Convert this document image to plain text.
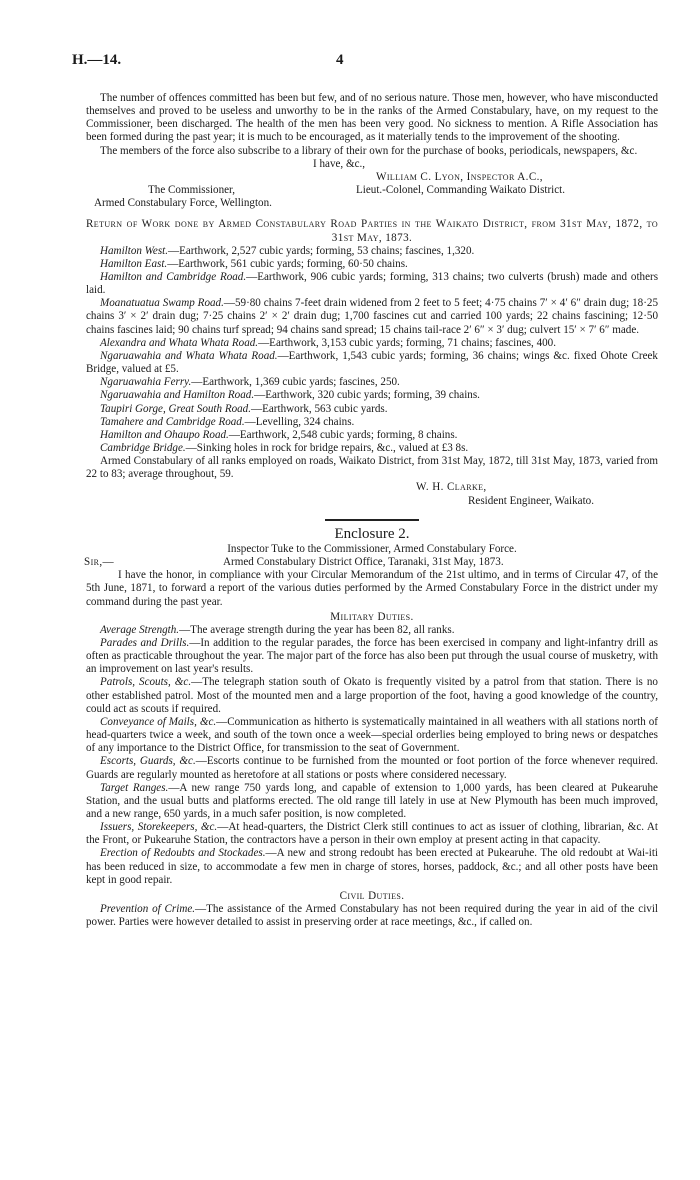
H.—14.	4

The number of offences committed has been but few, and of no serious nature. Those men, however, who have misconducted themselves and proved to be useless and unworthy to be in the ranks of the Armed Constabulary, have, on my request to the Commissioner, been discharged. The health of the men has been very good. No sickness to mention. A Rifle Association has been formed during the past year; it is much to be encouraged, as it materially tends to the improvement of the shooting.

The members of the force also subscribe to a library of their own for the purchase of books, periodicals, newspapers, &c.

I have, &c.,
William C. Lyon, Inspector A.C.,
The Commissioner,	Lieut.-Colonel, Commanding Waikato District.
Armed Constabulary Force, Wellington.

Return of Work done by Armed Constabulary Road Parties in the Waikato District, from 31st May, 1872, to 31st May, 1873.

Hamilton West.—Earthwork, 2,527 cubic yards; forming, 53 chains; fascines, 1,320.

Hamilton East.—Earthwork, 561 cubic yards; forming, 60·50 chains.

Hamilton and Cambridge Road.—Earthwork, 906 cubic yards; forming, 313 chains; two culverts (brush) made and others laid.

Moanatuatua Swamp Road.—59·80 chains 7-feet drain widened from 2 feet to 5 feet; 4·75 chains 7′ × 4′ 6″ drain dug; 18·25 chains 3′ × 2′ drain dug; 7·25 chains 2′ × 2′ drain dug; 1,700 fascines cut and carried 100 yards; 22 chains fascining; 12·50 chains fascines laid; 90 chains turf spread; 94 chains sand spread; 15 chains tail-race 2′ 6″ × 3′ dug; culvert 15′ × 7′ 6″ made.

Alexandra and Whata Whata Road.—Earthwork, 3,153 cubic yards; forming, 71 chains; fascines, 400.

Ngaruawahia and Whata Whata Road.—Earthwork, 1,543 cubic yards; forming, 36 chains; wings &c. fixed Ohote Creek Bridge, valued at £5.

Ngaruawahia Ferry.—Earthwork, 1,369 cubic yards; fascines, 250.

Ngaruawahia and Hamilton Road.—Earthwork, 320 cubic yards; forming, 39 chains.

Taupiri Gorge, Great South Road.—Earthwork, 563 cubic yards.

Tamahere and Cambridge Road.—Levelling, 324 chains.

Hamilton and Ohaupo Road.—Earthwork, 2,548 cubic yards; forming, 8 chains.

Cambridge Bridge.—Sinking holes in rock for bridge repairs, &c., valued at £3 8s.

Armed Constabulary of all ranks employed on roads, Waikato District, from 31st May, 1872, till 31st May, 1873, varied from 22 to 83; average throughout, 59.

W. H. Clarke,
Resident Engineer, Waikato.

Enclosure 2.

Inspector Tuke to the Commissioner, Armed Constabulary Force.

Sir,—	Armed Constabulary District Office, Taranaki, 31st May, 1873.

I have the honor, in compliance with your Circular Memorandum of the 21st ultimo, and in terms of Circular 47, of the 5th June, 1871, to forward a report of the various duties performed by the Armed Constabulary Force in the district under my command during the past year.

Military Duties.

Average Strength.—The average strength during the year has been 82, all ranks.

Parades and Drills.—In addition to the regular parades, the force has been exercised in company and light-infantry drill as often as practicable throughout the year. The major part of the force has also been put through the usual course of musketry, with an improvement on last year's results.

Patrols, Scouts, &c.—The telegraph station south of Okato is frequently visited by a patrol from that station. There is no other established patrol. Most of the mounted men and a large proportion of the foot, having a good knowledge of the country, could act as scouts if required.

Conveyance of Mails, &c.—Communication as hitherto is systematically maintained in all weathers with all stations north of head-quarters twice a week, and south of the town once a week—special orderlies being employed to bring news or despatches of any importance to the District Office, for transmission to the seat of Government.

Escorts, Guards, &c.—Escorts continue to be furnished from the mounted or foot portion of the force whenever required. Guards are regularly mounted as heretofore at all stations or posts where considered necessary.

Target Ranges.—A new range 750 yards long, and capable of extension to 1,000 yards, has been cleared at Pukearuhe Station, and the usual butts and platforms erected. The old range till lately in use at New Plymouth has been much improved, and a new range, 650 yards, in a much safer position, is now completed.

Issuers, Storekeepers, &c.—At head-quarters, the District Clerk still continues to act as issuer of clothing, librarian, &c. At the Front, or Pukearuhe Station, the contractors have a person in their own employ at present acting in that capacity.

Erection of Redoubts and Stockades.—A new and strong redoubt has been erected at Pukearuhe. The old redoubt at Wai-iti has been reduced in size, to accommodate a few men in charge of stores, horses, paddock, &c.; and all other posts have been kept in good repair.

Civil Duties.

Prevention of Crime.—The assistance of the Armed Constabulary has not been required during the year in aid of the civil power. Parties were however detailed to assist in preserving order at race meetings, &c., if called on.
